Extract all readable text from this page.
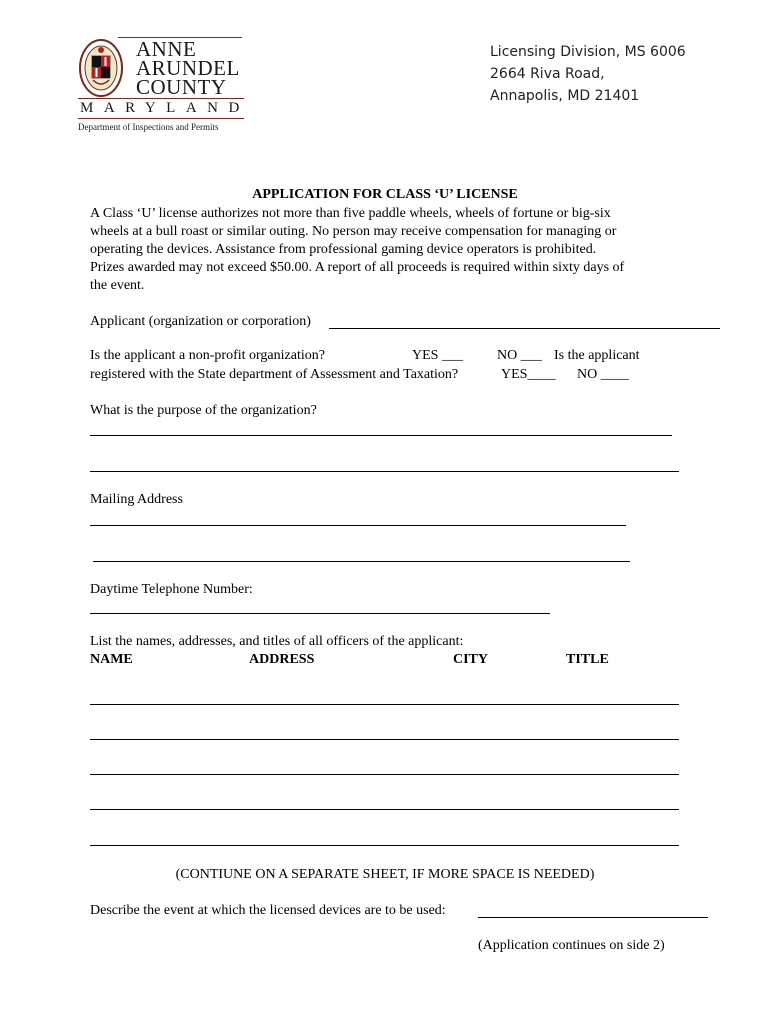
ANNE
ARUNDEL
COUNTY
MARYLAND
Department of Inspections and Permits
Licensing Division, MS 6006
2664 Riva Road,
Annapolis, MD 21401
APPLICATION FOR CLASS ‘U’ LICENSE
A Class ‘U’ license authorizes not more than five paddle wheels, wheels of fortune or big-six
wheels at a bull roast or similar outing. No person may receive compensation for managing or
operating the devices. Assistance from professional gaming device operators is prohibited.
Prizes awarded may not exceed $50.00. A report of all proceeds is required within sixty days of
the event.
Applicant (organization or corporation)
Is the applicant a non-profit organization?	YES ___ NO ___ Is the applicant
registered with the State department of Assessment and Taxation?	YES____ NO ____
What is the purpose of the organization?
Mailing Address
Daytime Telephone Number:
List the names, addresses, and titles of all officers of the applicant:
NAME	ADDRESS	CITY	TITLE
(CONTIUNE ON A SEPARATE SHEET, IF MORE SPACE IS NEEDED)
Describe the event at which the licensed devices are to be used:
(Application continues on side 2)
